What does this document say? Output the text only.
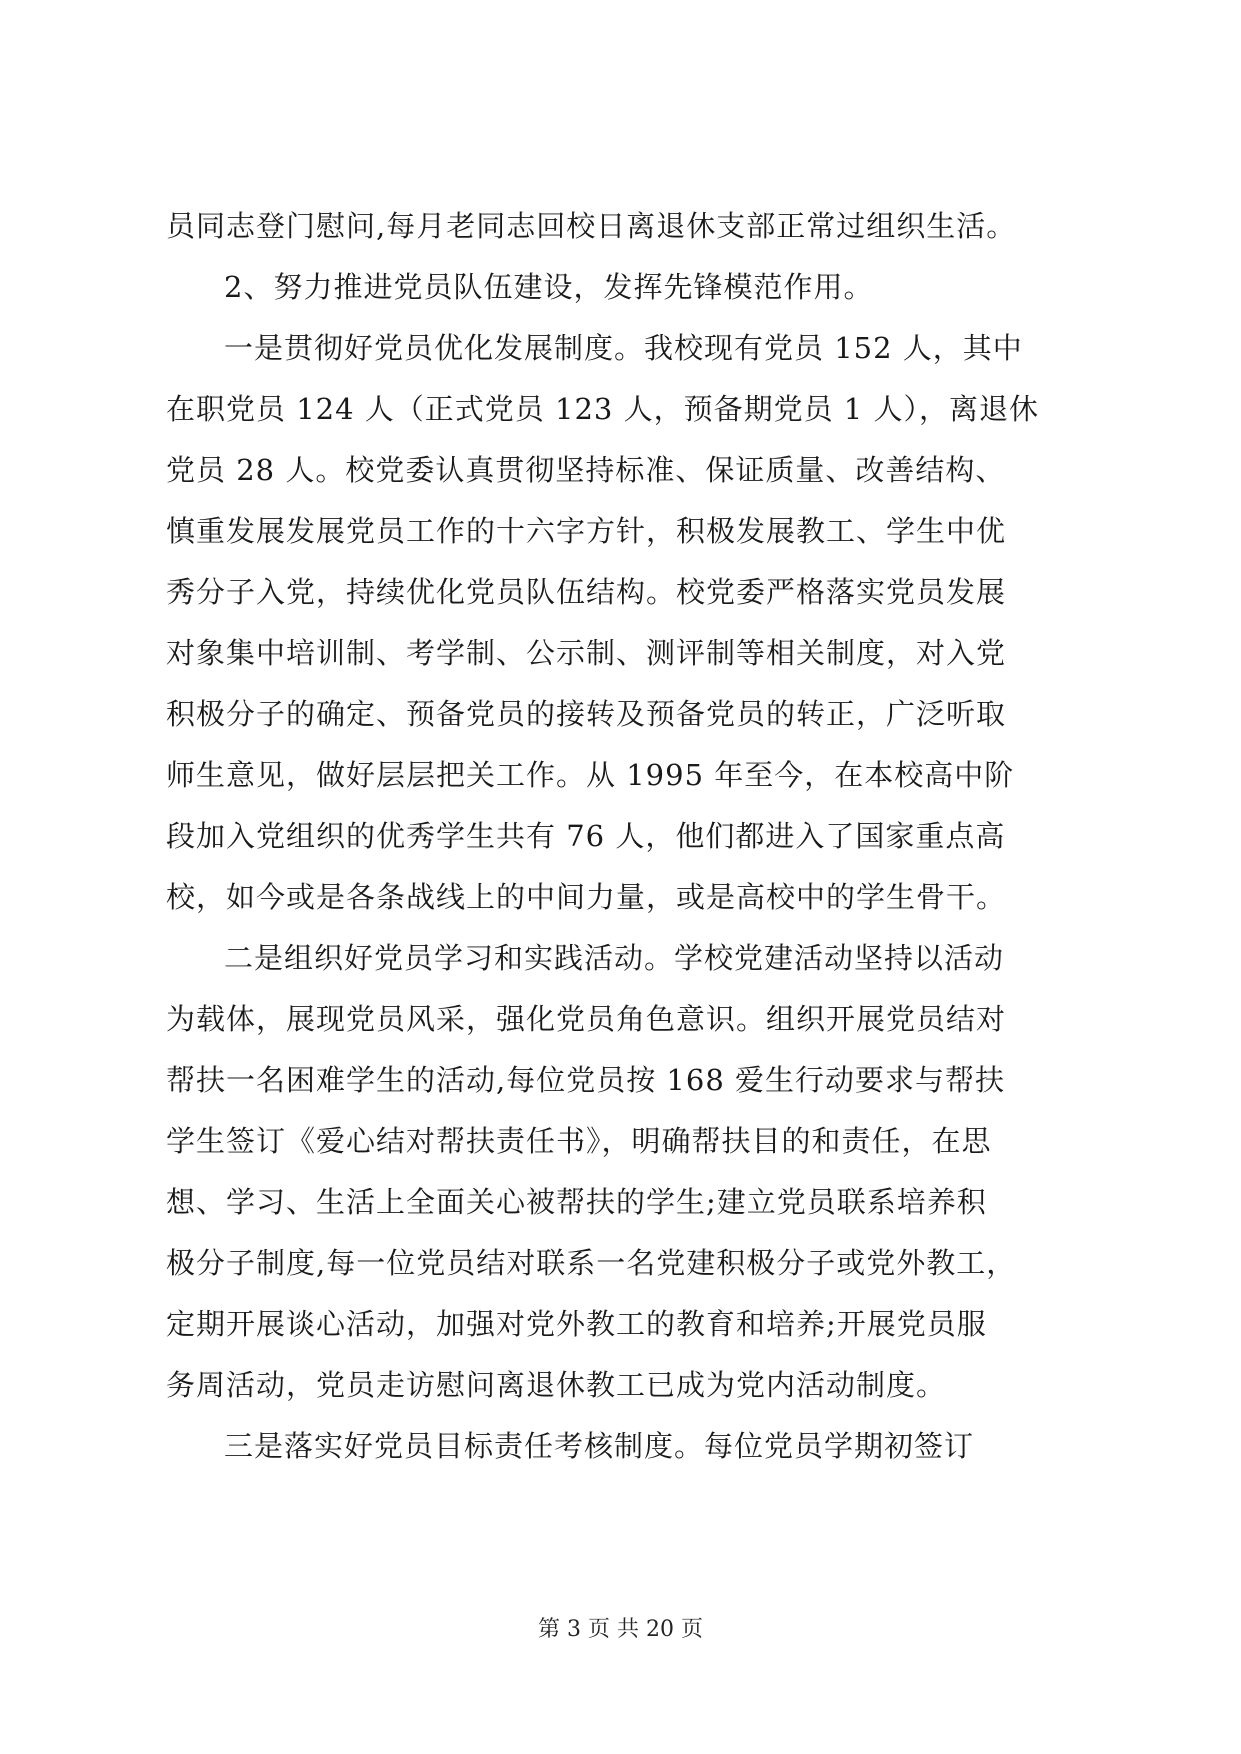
员同志登门慰问,每月老同志回校日离退休支部正常过组织生活。
2、努力推进党员队伍建设，发挥先锋模范作用。
一是贯彻好党员优化发展制度。我校现有党员 152 人，其中
在职党员 124 人（正式党员 123 人，预备期党员 1 人），离退休
党员 28 人。校党委认真贯彻坚持标准、保证质量、改善结构、
慎重发展发展党员工作的十六字方针，积极发展教工、学生中优
秀分子入党，持续优化党员队伍结构。校党委严格落实党员发展
对象集中培训制、考学制、公示制、测评制等相关制度，对入党
积极分子的确定、预备党员的接转及预备党员的转正，广泛听取
师生意见，做好层层把关工作。从 1995 年至今，在本校高中阶
段加入党组织的优秀学生共有 76 人，他们都进入了国家重点高
校，如今或是各条战线上的中间力量，或是高校中的学生骨干。
二是组织好党员学习和实践活动。学校党建活动坚持以活动
为载体，展现党员风采，强化党员角色意识。组织开展党员结对
帮扶一名困难学生的活动,每位党员按 168 爱生行动要求与帮扶
学生签订《爱心结对帮扶责任书》，明确帮扶目的和责任，在思
想、学习、生活上全面关心被帮扶的学生;建立党员联系培养积
极分子制度,每一位党员结对联系一名党建积极分子或党外教工，
定期开展谈心活动，加强对党外教工的教育和培养;开展党员服
务周活动，党员走访慰问离退休教工已成为党内活动制度。
三是落实好党员目标责任考核制度。每位党员学期初签订
第 3 页 共 20 页
